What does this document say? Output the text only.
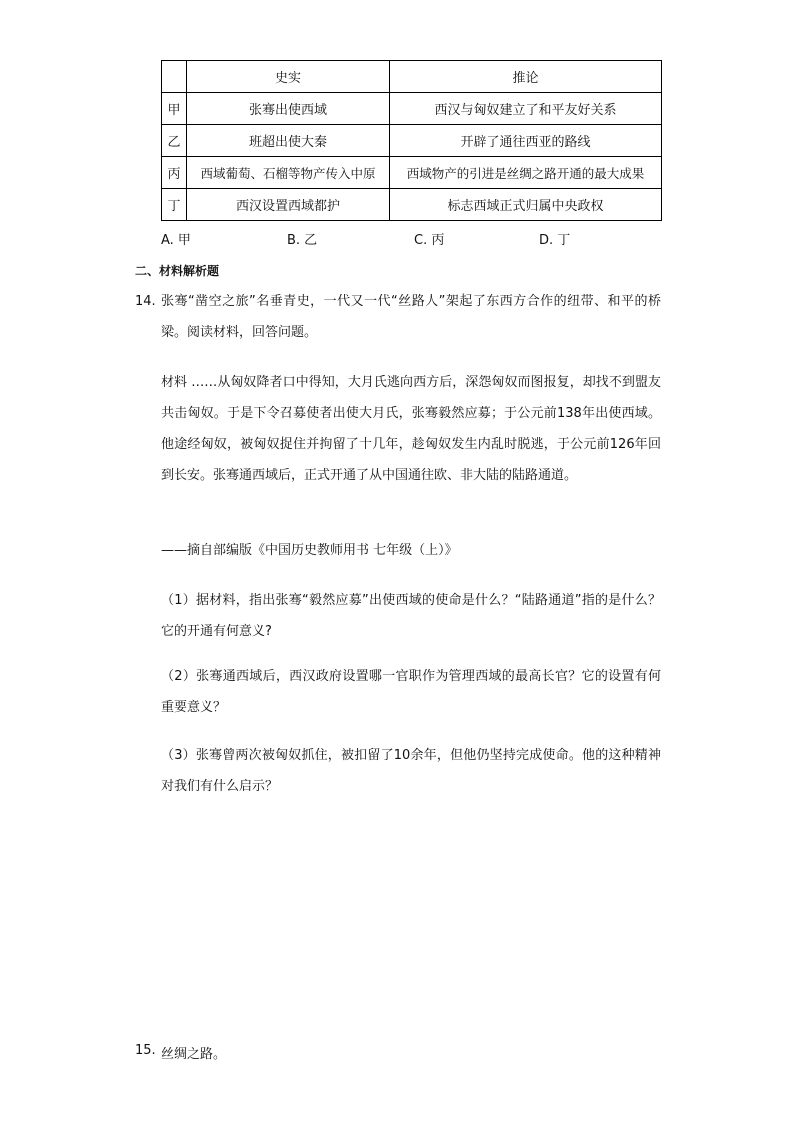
	史实	推论
甲	张骞出使西域	西汉与匈奴建立了和平友好关系
乙	班超出使大秦	开辟了通往西亚的路线
丙	西域葡萄、石榴等物产传入中原	西域物产的引进是丝绸之路开通的最大成果
丁	西汉设置西域都护	标志西域正式归属中央政权
A. 甲	B. 乙	C. 丙	D. 丁
二、材料解析题
14. 张骞“凿空之旅”名垂青史，一代又一代“丝路人”架起了东西方合作的纽带、和平的桥梁。阅读材料，回答问题。
材料 ……从匈奴降者口中得知，大月氏逃向西方后，深怨匈奴而图报复，却找不到盟友共击匈奴。于是下令召募使者出使大月氏，张骞毅然应募；于公元前138年出使西域。他途经匈奴，被匈奴捉住并拘留了十几年，趁匈奴发生内乱时脱逃，于公元前126年回到长安。张骞通西域后，正式开通了从中国通往欧、非大陆的陆路通道。
——摘自部编版《中国历史教师用书 七年级（上）》
（1）据材料，指出张骞“毅然应募”出使西域的使命是什么？“陆路通道”指的是什么？它的开通有何意义?
（2）张骞通西域后，西汉政府设置哪一官职作为管理西域的最高长官？它的设置有何重要意义？
（3）张骞曾两次被匈奴抓住，被扣留了10余年，但他仍坚持完成使命。他的这种精神对我们有什么启示？
15. 丝绸之路。
